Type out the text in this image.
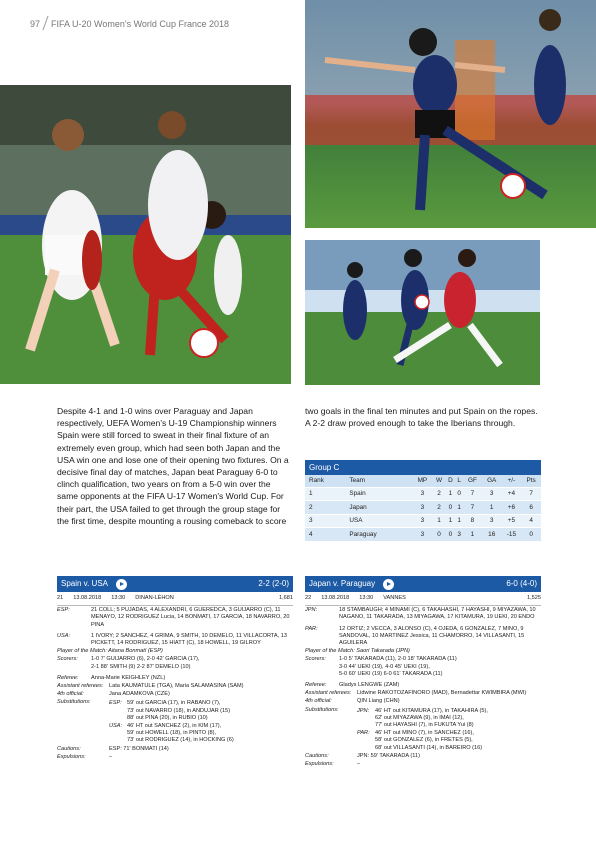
97 FIFA U-20 Women's World Cup France 2018
Despite 4-1 and 1-0 wins over Paraguay and Japan respectively, UEFA Women's U-19 Championship winners Spain were still forced to sweat in their final fixture of an extremely even group, which had seen both Japan and the USA win one and lose one of their opening two fixtures. On a decisive final day of matches, Japan beat Paraguay 6-0 to clinch qualification, two years on from a 5-0 win over the same opponents at the FIFA U-17 Women's World Cup. For their part, the USA failed to get through the group stage for the first time, despite mounting a rousing comeback to score
two goals in the final ten minutes and put Spain on the ropes. A 2-2 draw proved enough to take the Iberians through.
Group C
Rank	Team	MP	W	D	L	GF	GA	+/-	Pts
1	Spain	3	2	1	0	7	3	+4	7
2	Japan	3	2	0	1	7	1	+6	6
3	USA	3	1	1	1	8	3	+5	4
4	Paraguay	3	0	0	3	1	16	-15	0
Spain v. USA	2-2 (2-0)
21 13.08.2018 13:30 DINAN-LÉHON	1,681
ESP:	21 COLL; 5 PUJADAS, 4 ALEXANDRI, 6 GUEREDCA, 3 GUIJARRO (C), 11 MENAYO, 12 RODRIGUEZ Lucia, 14 BONMATI, 17 GARCIA, 18 NAVARRO, 20 PINA
USA:	1 IVORY; 2 SANCHEZ, 4 GRIMA, 9 SMITH, 10 DEMELO, 11 VILLACORTA, 13 PICKETT, 14 RODRIGUEZ, 15 HIATT (C), 18 HOWELL, 19 GILROY
Player of the Match: Aitana Bonmatí (ESP)
Scorers:	1-0 7' GUIJARRO (6), 2-0 42' GARCIA (17),
2-1 88' SMITH (9) 2-2 87' DEMELO (10)
Referee:	Anna-Marie KEIGHLEY (NZL)
Assistant referees:	Lata KAUMATULE (TGA), Maria SALAMASINA (SAM)
4th official:	Jana ADAMKOVA (CZE)
Substitutions:	ESP: 59' out GARCIA (17), in RABANO (7),
73' out NAVARRO (18), in ANDUJAR (15)
88' out PINA (20), in RUBIO (10)
USA: 46' HT out SANCHEZ (2), in KIM (17),
59' out HOWELL (18), in PINTO (8),
73' out RODRIGUEZ (14), in HOCKING (6)
Cautions:	ESP: 71' BONMATI (14)
Expulsions:	–
Japan v. Paraguay	6-0 (4-0)
22 13.08.2018 13:30 VANNES	1,525
JPN:	18 STAMBAUGH; 4 MINAMI (C), 6 TAKAHASHI, 7 HAYASHI, 9 MIYAZAWA, 10 NAGANO, 11 TAKARADA, 13 MIYAGAWA, 17 KITAMURA, 19 UEKI, 20 ENDO
PAR:	12 ORTIZ; 2 VECCA, 3 ALONSO (C), 4 OJEDA, 6 GONZALEZ, 7 MINO, 9 SANDOVAL, 10 MARTINEZ Jessica, 11 CHAMORRO, 14 VILLASANTI, 15 AGUILERA
Player of the Match: Saori Takarada (JPN)
Scorers:	1-0 5' TAKARADA (11), 2-0 18' TAKARADA (11)
3-0 44' UEKI (19), 4-0 45' UEKI (19),
5-0 60' UEKI (19) 6-0 61' TAKARADA (11)
Referee:	Gladys LENGWE (ZAM)
Assistant referees:	Lidwine RAKOTOZAFINORO (MAD), Bernadettar KWIMBIRA (MWI)
4th official:	QIN Liang (CHN)
Substitutions:	JPN:	46' HT out KITAMURA (17), in TAKAHIRA (5),
62' out MIYAZAWA (9), in IMAI (12),
77' out HAYASHI (7), in FUKUTA Yui (8)
PAR: 46' HT out MINO (7), in SANCHEZ (16),
58' out GONZALEZ (6), in FRETES (5),
68' out VILLASANTI (14), in BAREIRO (16)
Cautions:	JPN: 59' TAKARADA (11)
Expulsions:	–
